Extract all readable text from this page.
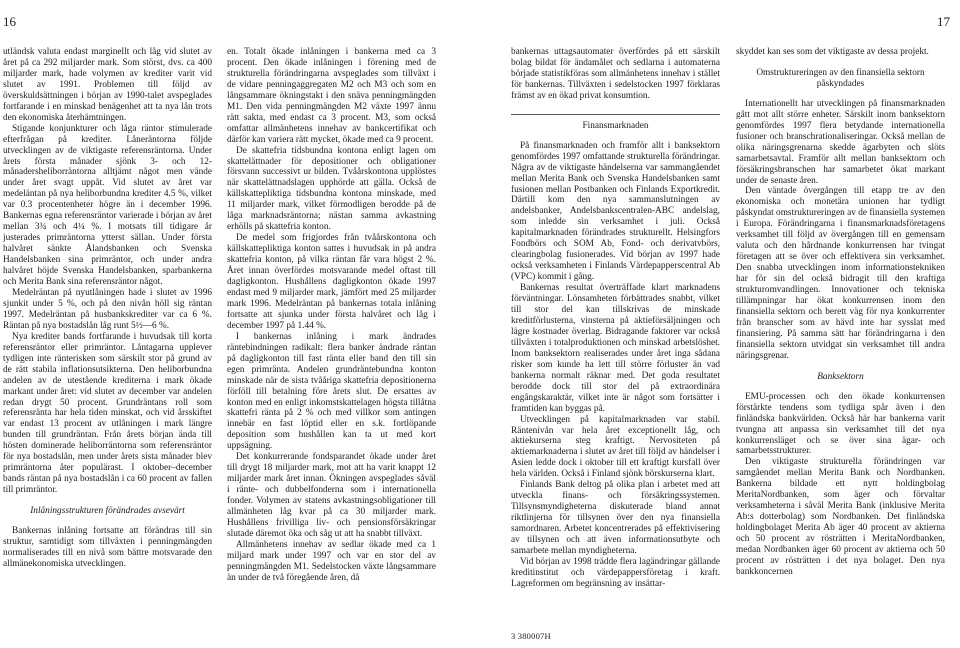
16	17

utländsk valuta endast marginellt och låg vid slutet av året på ca 292 miljarder mark. Som störst, dvs. ca 400 miljarder mark, hade volymen av krediter varit vid slutet av 1991. Problemen till följd av överskuldsättningen i början av 1990-talet avspeglades fortfarande i en minskad benägenhet att ta nya lån trots den ekonomiska återhämtningen.

Stigande konjunkturer och låga räntor stimulerade efterfrågan på krediter. Låneräntorna följde utvecklingen av de viktigaste referensräntorna. Under årets första månader sjönk 3- och 12-månadersheliborräntorna alltjämt något men vände under året svagt uppåt. Vid slutet av året var medeläntan på nya heliborbundna krediter 4.5 %, vilket var 0.3 procentenheter högre än i december 1996. Bankernas egna referensräntor varierade i början av året mellan 3¾ och 4¼ %. I motsats till tidigare år justerades primräntorna ytterst sällan. Under första halvåret sänkte Ålandsbanken och Svenska Handelsbanken sina primräntor, och under andra halvåret höjde Svenska Handelsbanken, sparbankerna och Merita Bank sina referensräntor något.

Medelräntan på nyutlåningen hade i slutet av 1996 sjunkit under 5 %, och på den nivån höll sig räntan 1997. Medelräntan på husbankskrediter var ca 6 %. Räntan på nya bostadslån låg runt 5½—6 %.

Nya krediter bands fortfarande i huvudsak till korta referensräntor eller primräntor. Låntagarna upplever tydligen inte ränterisken som särskilt stor på grund av de rätt stabila inflationsutsikterna. Den heliborbundna andelen av de utestående krediterna i mark ökade markant under året: vid slutet av december var andelen redan drygt 50 procent. Grundräntans roll som referensränta har hela tiden minskat, och vid årsskiftet var endast 13 procent av utlåningen i mark längre bunden till grundräntan. Från årets början ända till hösten dominerade heliborräntorna som referensräntor för nya bostadslån, men under årets sista månader blev primräntorna åter populärast. I oktober–december bands räntan på nya bostadslån i ca 60 procent av fallen till primräntor.

Inlåningsstrukturen förändrades avsevärt

Bankernas inlåning fortsatte att förändras till sin struktur, samtidigt som tillväxten i penningmängden normaliserades till en nivå som bättre motsvarade den allmänekonomiska utvecklingen.

en. Totalt ökade inlåningen i bankerna med ca 3 procent. Den ökade inlåningen i förening med de strukturella förändringarna avspeglades som tillväxt i de vidare penningaggregaten M2 och M3 och som en långsammare ökningstakt i den snäva penningmängden M1. Den vida penningmängden M2 växte 1997 ännu rätt sakta, med endast ca 3 procent. M3, som också omfattar allmänhetens innehav av bankcertifikat och därför kan variera rätt mycket, ökade med ca 9 procent.

De skattefria tidsbundna kontona enligt lagen om skattelättnader för depositioner och obligationer försvann successivt ur bilden. Tvåårskontona upplöstes när skattelättnadslagen upphörde att gälla. Också de källskattepliktiga tidsbundna kontona minskade, med 11 miljarder mark, vilket förmodligen berodde på de låga marknadsräntorna; nästan samma avkastning erhölls på skattefria konton.

De medel som frigjordes från tvåårskontona och källskattepliktiga konton sattes i huvudsak in på andra skattefria konton, på vilka räntan får vara högst 2 %. Året innan överfördes motsvarande medel oftast till dagligkonton. Hushållens dagligkonton ökade 1997 endast med 9 miljarder mark, jämfört med 25 miljarder mark 1996. Medelräntan på bankernas totala inlåning fortsatte att sjunka under första halvåret och låg i december 1997 på 1.44 %.

I bankernas inlåning i mark ändrades räntebindningen radikalt: flera banker ändrade räntan på dagligkonton till fast ränta eller band den till sin egen primränta. Andelen grundräntebundna konton minskade när de sista tvååriga skattefria depositionerna förföll till betalning före årets slut. De ersattes av konton med en enligt inkomstskattelagen högsta tillåtna skattefri ränta på 2 % och med villkor som antingen innebär en fast löptid eller en s.k. fortlöpande deposition som hushållen kan ta ut med kort uppsägning.

Det konkurrerande fondsparandet ökade under året till drygt 18 miljarder mark, mot att ha varit knappt 12 miljarder mark året innan. Ökningen avspeglades såväl i ränte- och dubbelfonderna som i internationella fonder. Volymen av statens avkastningsobligationer till allmänheten låg kvar på ca 30 miljarder mark. Hushållens frivilliga liv- och pensionsförsäkringar slutade däremot öka och såg ut att ha snabbt tillväxt.

Allmänhetens innehav av sedlar ökade med ca 1 miljard mark under 1997 och var en stor del av penningmängden M1. Sedelstocken växte långsammare än under de två föregående åren, då

bankernas uttagsautomater överfördes på ett särskilt bolag bildat för ändamålet och sedlarna i automaterna började statistikföras som allmänhetens innehav i stället för bankernas. Tillväxten i sedelstocken 1997 förklaras främst av en ökad privat konsumtion.

Finansmarknaden

På finansmarknaden och framför allt i banksektorn genomfördes 1997 omfattande strukturella förändringar. Några av de viktigaste händelserna var sammangåendet mellan Merita Bank och Svenska Handelsbanken samt fusionen mellan Postbanken och Finlands Exportkredit. Därtill kom den nya sammanslutningen av andelsbanker, Andelsbankscentralen-ABC andelslag, som inledde sin verksamhet i juli. Också kapitalmarknaden förändrades strukturellt. Helsingfors Fondbörs och SOM Ab, Fond- och derivatvbörs, clearingbolag fusionerades. Vid början av 1997 hade också verksamheten i Finlands Värdepapperscentral Ab (VPC) kommit i gång.

Bankernas resultat överträffade klart marknadens förväntningar. Lönsamheten förbättrades snabbt, vilket till stor del kan tillskrivas de minskade kreditförlusterna, vinsterna på aktieförsäljningen och lägre kostnader överlag. Bidragande faktorer var också tillväxten i totalproduktionen och minskad arbetslöshet. Inom banksektorn realiserades under året inga sådana risker som kunde ha lett till större förluster än vad bankerna normalt räknar med. Det goda resultatet berodde dock till stor del på extraordinära engångskaraktär, vilket inte är något som fortsätter i framtiden kan byggas på.

Utvecklingen på kapitalmarknaden var stabil. Räntenivån var hela året exceptionellt låg, och aktiekurserna steg kraftigt. Nervositeten på aktiemarknaderna i slutet av året till följd av händelser i Asien ledde dock i oktober till ett kraftigt kursfall över hela världen. Också i Finland sjönk börskurserna klart.

Finlands Bank deltog på olika plan i arbetet med att utveckla finans- och försäkringssystemen. Tillsynsmyndigheterna diskuterade bland annat riktlinjerna för tillsynen över den nya finansiella samordnaren. Arbetet koncentrerades på effektivisering av tillsynen och att även informationsutbyte och samarbete mellan myndigheterna.

Vid början av 1998 trädde flera lagändringar gällande kreditinstitut och värdepappersföretag i kraft. Lagreformen om begränsning av insättar-

skyddet kan ses som det viktigaste av dessa projekt.

Omstruktureringen av den finansiella sektorn påskyndades

Internationellt har utvecklingen på finansmarknaden gått mot allt större enheter. Särskilt inom banksektorn genomfördes 1997 flera betydande internationella fusioner och branschrationaliseringar. Också mellan de olika näringsgrenarna skedde ägarbyten och slöts samarbetsavtal. Framför allt mellan banksektorn och försäkringsbranschen har samarbetet ökat markant under de senaste åren.

Den väntade övergången till etapp tre av den ekonomiska och monetära unionen har tydligt påskyndat omstruktureringen av de finansiella systemen i Europa. Förändringarna i finansmarknadsföretagens verksamhet till följd av övergången till en gemensam valuta och den hårdnande konkurrensen har tvingat företagen att se över och effektivera sin verksamhet. Den snabba utvecklingen inom informationstekniken har för sin del också bidragit till den kraftiga strukturomvandlingen. Innovationer och tekniska tillämpningar har ökat konkurrensen inom den finansiella sektorn och berett väg för nya konkurrenter från branscher som av hävd inte har sysslat med finansiering. På samma sätt har förändringarna i den finansiella sektorn utvidgat sin verksamhet till andra näringsgrenar.

Banksektorn

EMU-processen och den ökade konkurrensen förstärkte tendens som tydliga spår även i den finländska bankvärlden. Också här har bankerna varit tvungna att anpassa sin verksamhet till det nya konkurrensläget och se över sina ägar- och samarbetsstrukturer.

Den viktigaste strukturella förändringen var samgåendet mellan Merita Bank och Nordbanken. Bankerna bildade ett nytt holdingbolag MeritaNordbanken, som äger och förvaltar verksamheterna i såväl Merita Bank (inklusive Merita Ab:s dotterbolag) som Nordbanken. Det finländska holdingbolaget Merita Ab äger 40 procent av aktierna och 50 procent av rösträtten i MeritaNordbanken, medan Nordbanken äger 60 procent av aktierna och 50 procent av rösträtten i det nya bolaget. Den nya bankkoncernen

3 380007H
